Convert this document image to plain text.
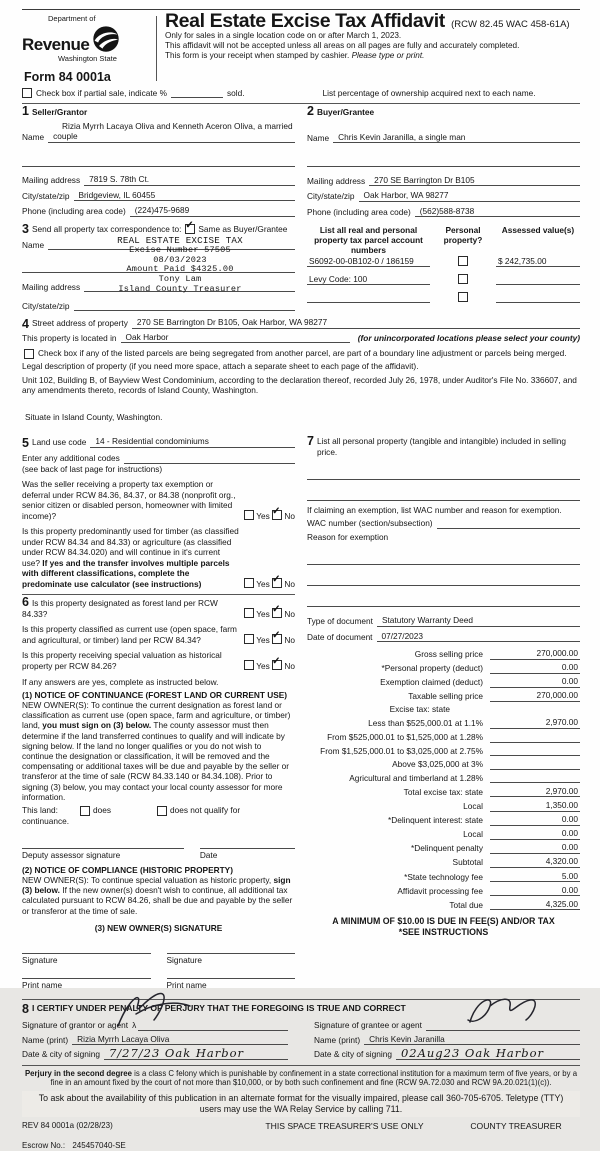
Department of
Revenue
Washington State
Form 84 0001a
Real Estate Excise Tax Affidavit (RCW 82.45 WAC 458-61A)
Only for sales in a single location code on or after March 1, 2023.
This affidavit will not be accepted unless all areas on all pages are fully and accurately completed.
This form is your receipt when stamped by cashier. Please type or print.
Check box if partial sale, indicate %	sold.	List percentage of ownership acquired next to each name.
1 Seller/Grantor
Rizia Myrrh Lacaya Oliva and Kenneth Aceron Oliva, a married
Name	couple
Mailing address	7819 S. 78th Ct.
City/state/zip	Bridgeview, IL 60455
Phone (including area code)	(224)475-9689
3 Send all property tax correspondence to:
✓ Same as Buyer/Grantee
REAL ESTATE EXCISE TAX
Excise Number 57505
08/03/2023
Amount Paid $4325.00
Tony Lam
Island County Treasurer
Name
Mailing address
City/state/zip
2 Buyer/Grantee
Name	Chris Kevin Jaranilla, a single man
Mailing address	270 SE Barrington Dr B105
City/state/zip	Oak Harbor, WA 98277
Phone (including area code)	(562)588-8738
List all real and personal property tax parcel account numbers
Personal property?
Assessed value(s)
S6092-00-0B102-0 / 186159	$ 242,735.00
Levy Code: 100
4 Street address of property	270 SE Barrington Dr B105, Oak Harbor, WA 98277
This property is located in	Oak Harbor	(for unincorporated locations please select your county)
Check box if any of the listed parcels are being segregated from another parcel, are part of a boundary line adjustment or parcels being merged.
Legal description of property (if you need more space, attach a separate sheet to each page of the affidavit).
Unit 102, Building B, of Bayview West Condominium, according to the declaration thereof, recorded July 26, 1978, under Auditor's File No. 336607, and any amendments thereto, records of Island County, Washington.
Situate in Island County, Washington.
5 Land use code	14 - Residential condominiums
Enter any additional codes
(see back of last page for instructions)
Was the seller receiving a property tax exemption or deferral under RCW 84.36, 84.37, or 84.38 (nonprofit org., senior citizen or disabled person, homeowner with limited income)?	Yes ✓ No
Is this property predominantly used for timber (as classified under RCW 84.34 and 84.33) or agriculture (as classified under RCW 84.34.020) and will continue in it's current use? If yes and the transfer involves multiple parcels with different classifications, complete the predominate use calculator (see instructions)	Yes ✓ No
6 Is this property designated as forest land per RCW 84.33?	Yes ✓ No
Is this property classified as current use (open space, farm and agricultural, or timber) land per RCW 84.34?	Yes ✓ No
Is this property receiving special valuation as historical property per RCW 84.26?	Yes ✓ No
If any answers are yes, complete as instructed below.
(1) NOTICE OF CONTINUANCE (FOREST LAND OR CURRENT USE)
NEW OWNER(S): To continue the current designation as forest land or classification as current use (open space, farm and agriculture, or timber) land, you must sign on (3) below. The county assessor must then determine if the land transferred continues to qualify and will indicate by signing below. If the land no longer qualifies or you do not wish to continue the designation or classification, it will be removed and the compensating or additional taxes will be due and payable by the seller or transferor at the time of sale (RCW 84.33.140 or 84.34.108). Prior to signing (3) below, you may contact your local county assessor for more information.
This land:	does	does not qualify for
continuance.
Deputy assessor signature	Date
(2) NOTICE OF COMPLIANCE (HISTORIC PROPERTY)
NEW OWNER(S): To continue special valuation as historic property, sign (3) below. If the new owner(s) doesn't wish to continue, all additional tax calculated pursuant to RCW 84.26, shall be due and payable by the seller or transferor at the time of sale.
(3) NEW OWNER(S) SIGNATURE
Signature	Signature
Print name	Print name
7 List all personal property (tangible and intangible) included in selling price.
If claiming an exemption, list WAC number and reason for exemption.
WAC number (section/subsection)
Reason for exemption
Type of document	Statutory Warranty Deed
Date of document	07/27/2023
Gross selling price	270,000.00
*Personal property (deduct)	0.00
Exemption claimed (deduct)	0.00
Taxable selling price	270,000.00
Excise tax: state
Less than $525,000.01 at 1.1%	2,970.00
From $525,000.01 to $1,525,000 at 1.28%
From $1,525,000.01 to $3,025,000 at 2.75%
Above $3,025,000 at 3%
Agricultural and timberland at 1.28%
Total excise tax: state	2,970.00
Local	1,350.00
*Delinquent interest: state	0.00
Local	0.00
*Delinquent penalty	0.00
Subtotal	4,320.00
*State technology fee	5.00
Affidavit processing fee	0.00
Total due	4,325.00
A MINIMUM OF $10.00 IS DUE IN FEE(S) AND/OR TAX
*SEE INSTRUCTIONS
8 I CERTIFY UNDER PENALTY OF PERJURY THAT THE FOREGOING IS TRUE AND CORRECT
Signature of grantor or agent λ
Name (print)	Rizia Myrrh Lacaya Oliva
Date & city of signing 7/27/23 Oak Harbor
Signature of grantee or agent
Name (print)	Chris Kevin Jaranilla
Date & city of signing 02Aug23 Oak Harbor
Perjury in the second degree is a class C felony which is punishable by confinement in a state correctional institution for a maximum term of five years, or by a fine in an amount fixed by the court of not more than $10,000, or by both such confinement and fine (RCW 9A.72.030 and RCW 9A.20.021(1)(c)).
To ask about the availability of this publication in an alternate format for the visually impaired, please call 360-705-6705. Teletype (TTY) users may use the WA Relay Service by calling 711.
REV 84 0001a (02/28/23)	THIS SPACE TREASURER'S USE ONLY	COUNTY TREASURER
Escrow No.: 245457040-SE
